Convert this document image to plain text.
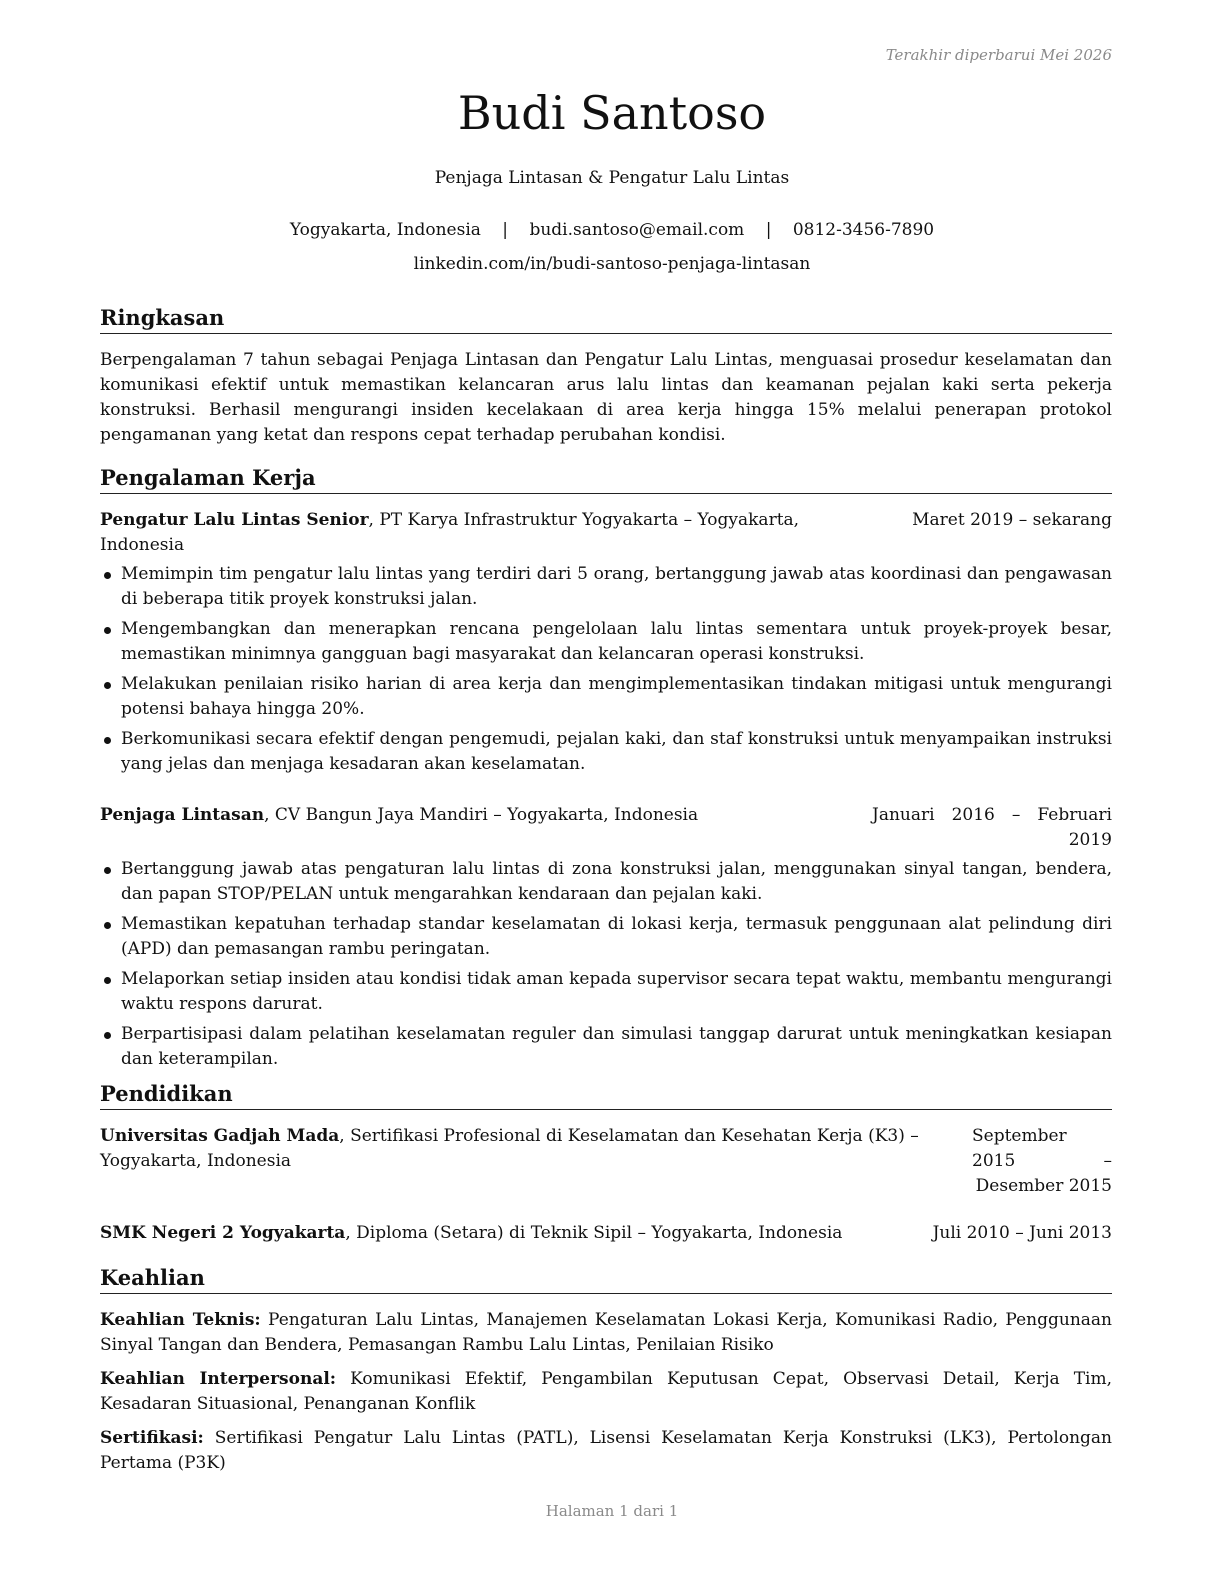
Terakhir diperbarui Mei 2026
Budi Santoso
Penjaga Lintasan & Pengatur Lalu Lintas
Yogyakarta, Indonesia | budi.santoso@email.com | 0812-3456-7890
linkedin.com/in/budi-santoso-penjaga-lintasan
Ringkasan

Berpengalaman 7 tahun sebagai Penjaga Lintasan dan Pengatur Lalu Lintas, menguasai prosedur keselamatan dan komunikasi efektif untuk memastikan kelancaran arus lalu lintas dan keamanan pejalan kaki serta pekerja konstruksi. Berhasil mengurangi insiden kecelakaan di area kerja hingga 15% melalui penerapan protokol pengamanan yang ketat dan respons cepat terhadap perubahan kondisi.

Pengalaman Kerja
Pengatur Lalu Lintas Senior, PT Karya Infrastruktur Yogyakarta – Yogyakarta, Indonesia
Maret 2019 – sekarang
Memimpin tim pengatur lalu lintas yang terdiri dari 5 orang, bertanggung jawab atas koordinasi dan pengawasan di beberapa titik proyek konstruksi jalan.
Mengembangkan dan menerapkan rencana pengelolaan lalu lintas sementara untuk proyek-proyek besar, memastikan minimnya gangguan bagi masyarakat dan kelancaran operasi konstruksi.
Melakukan penilaian risiko harian di area kerja dan mengimplementasikan tindakan mitigasi untuk mengurangi potensi bahaya hingga 20%.
Berkomunikasi secara efektif dengan pengemudi, pejalan kaki, dan staf konstruksi untuk menyampaikan instruksi yang jelas dan menjaga kesadaran akan keselamatan.
Penjaga Lintasan, CV Bangun Jaya Mandiri – Yogyakarta, Indonesia	Januari 2016 – Februari 2019
Bertanggung jawab atas pengaturan lalu lintas di zona konstruksi jalan, menggunakan sinyal tangan, bendera, dan papan STOP/PELAN untuk mengarahkan kendaraan dan pejalan kaki.
Memastikan kepatuhan terhadap standar keselamatan di lokasi kerja, termasuk penggunaan alat pelindung diri (APD) dan pemasangan rambu peringatan.
Melaporkan setiap insiden atau kondisi tidak aman kepada supervisor secara tepat waktu, membantu mengurangi waktu respons darurat.
Berpartisipasi dalam pelatihan keselamatan reguler dan simulasi tanggap darurat untuk meningkatkan kesiapan dan keterampilan.
Pendidikan
Universitas Gadjah Mada, Sertifikasi Profesional di Keselamatan dan Kesehatan Kerja (K3) – Yogyakarta, Indonesia
September 2015 – Desember 2015
SMK Negeri 2 Yogyakarta, Diploma (Setara) di Teknik Sipil – Yogyakarta, Indonesia	Juli 2010 – Juni 2013
Keahlian

Keahlian Teknis: Pengaturan Lalu Lintas, Manajemen Keselamatan Lokasi Kerja, Komunikasi Radio, Penggunaan Sinyal Tangan dan Bendera, Pemasangan Rambu Lalu Lintas, Penilaian Risiko

Keahlian Interpersonal: Komunikasi Efektif, Pengambilan Keputusan Cepat, Observasi Detail, Kerja Tim, Kesadaran Situasional, Penanganan Konflik

Sertifikasi: Sertifikasi Pengatur Lalu Lintas (PATL), Lisensi Keselamatan Kerja Konstruksi (LK3), Pertolongan Pertama (P3K)

Halaman 1 dari 1
